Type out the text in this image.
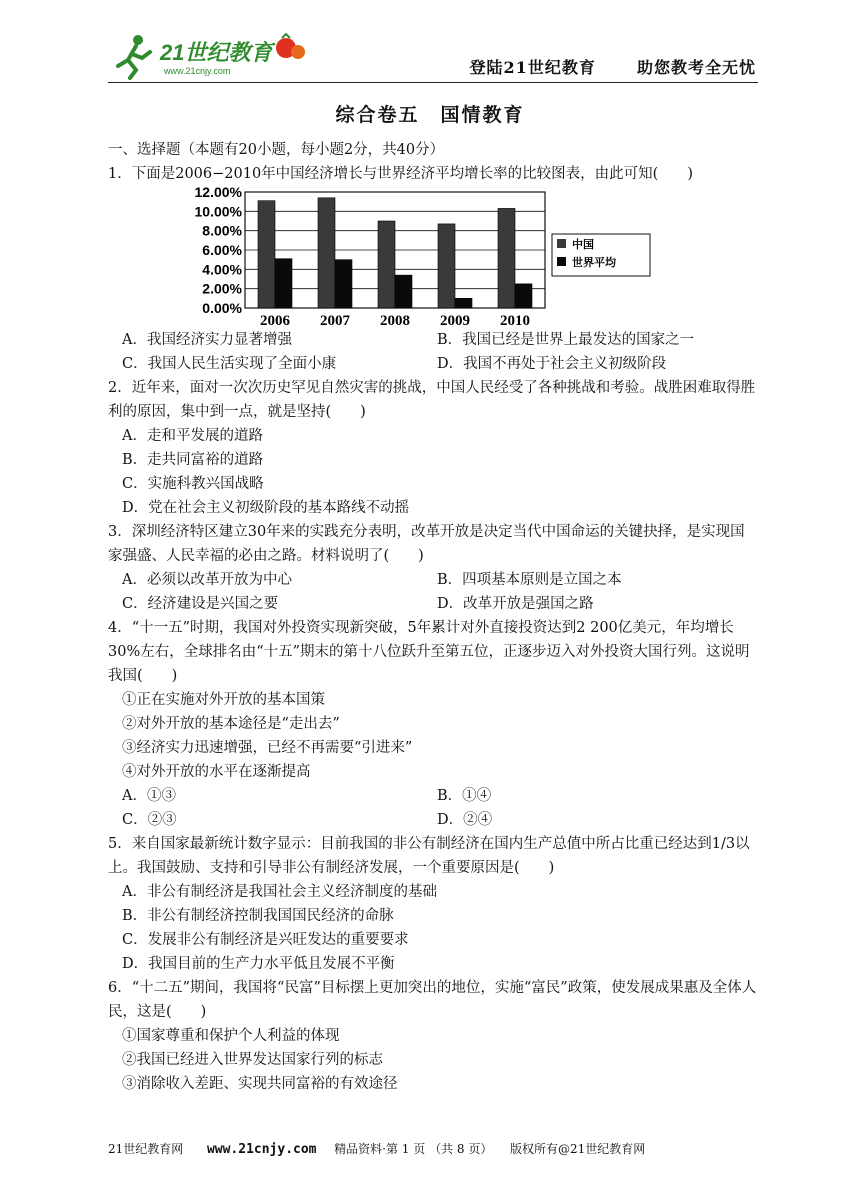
21世纪教育
www.21cnjy.com	登陆21世纪教育	助您教考全无忧
综合卷五　国情教育

一、选择题（本题有20小题，每小题2分，共40分）

1．下面是2006−2010年中国经济增长与世界经济平均增长率的比较图表，由此可知(　　)

0.00%
2.00%
4.00%
6.00%
8.00%
10.00%
12.00%
2006 2007 2008 2009 2010
中国
世界平均
A．我国经济实力显著增强	B．我国已经是世界上最发达的国家之一
C．我国人民生活实现了全面小康	D．我国不再处于社会主义初级阶段

2．近年来，面对一次次历史罕见自然灾害的挑战，中国人民经受了各种挑战和考验。战胜困难取得胜利的原因，集中到一点，就是坚持(　　)

A．走和平发展的道路

B．走共同富裕的道路

C．实施科教兴国战略

D．党在社会主义初级阶段的基本路线不动摇

3．深圳经济特区建立30年来的实践充分表明，改革开放是决定当代中国命运的关键抉择，是实现国家强盛、人民幸福的必由之路。材料说明了(　　)

A．必须以改革开放为中心	B．四项基本原则是立国之本
C．经济建设是兴国之要	D．改革开放是强国之路

4．“十一五”时期，我国对外投资实现新突破，5年累计对外直接投资达到2 200亿美元，年均增长30%左右，全球排名由“十五”期末的第十八位跃升至第五位，正逐步迈入对外投资大国行列。这说明我国(　　)

①正在实施对外开放的基本国策

②对外开放的基本途径是“走出去”

③经济实力迅速增强，已经不再需要“引进来”

④对外开放的水平在逐渐提高

A．①③	B．①④
C．②③	D．②④

5．来自国家最新统计数字显示：目前我国的非公有制经济在国内生产总值中所占比重已经达到1/3以上。我国鼓励、支持和引导非公有制经济发展，一个重要原因是(　　)

A．非公有制经济是我国社会主义经济制度的基础

B．非公有制经济控制我国国民经济的命脉

C．发展非公有制经济是兴旺发达的重要要求

D．我国目前的生产力水平低且发展不平衡

6．“十二五”期间，我国将“民富”目标摆上更加突出的地位，实施“富民”政策，使发展成果惠及全体人民，这是(　　)

①国家尊重和保护个人利益的体现

②我国已经进入世界发达国家行列的标志

③消除收入差距、实现共同富裕的有效途径

21世纪教育网 www.21cnjy.com 精品资料·第 1 页 （共 8 页） 版权所有@21世纪教育网
